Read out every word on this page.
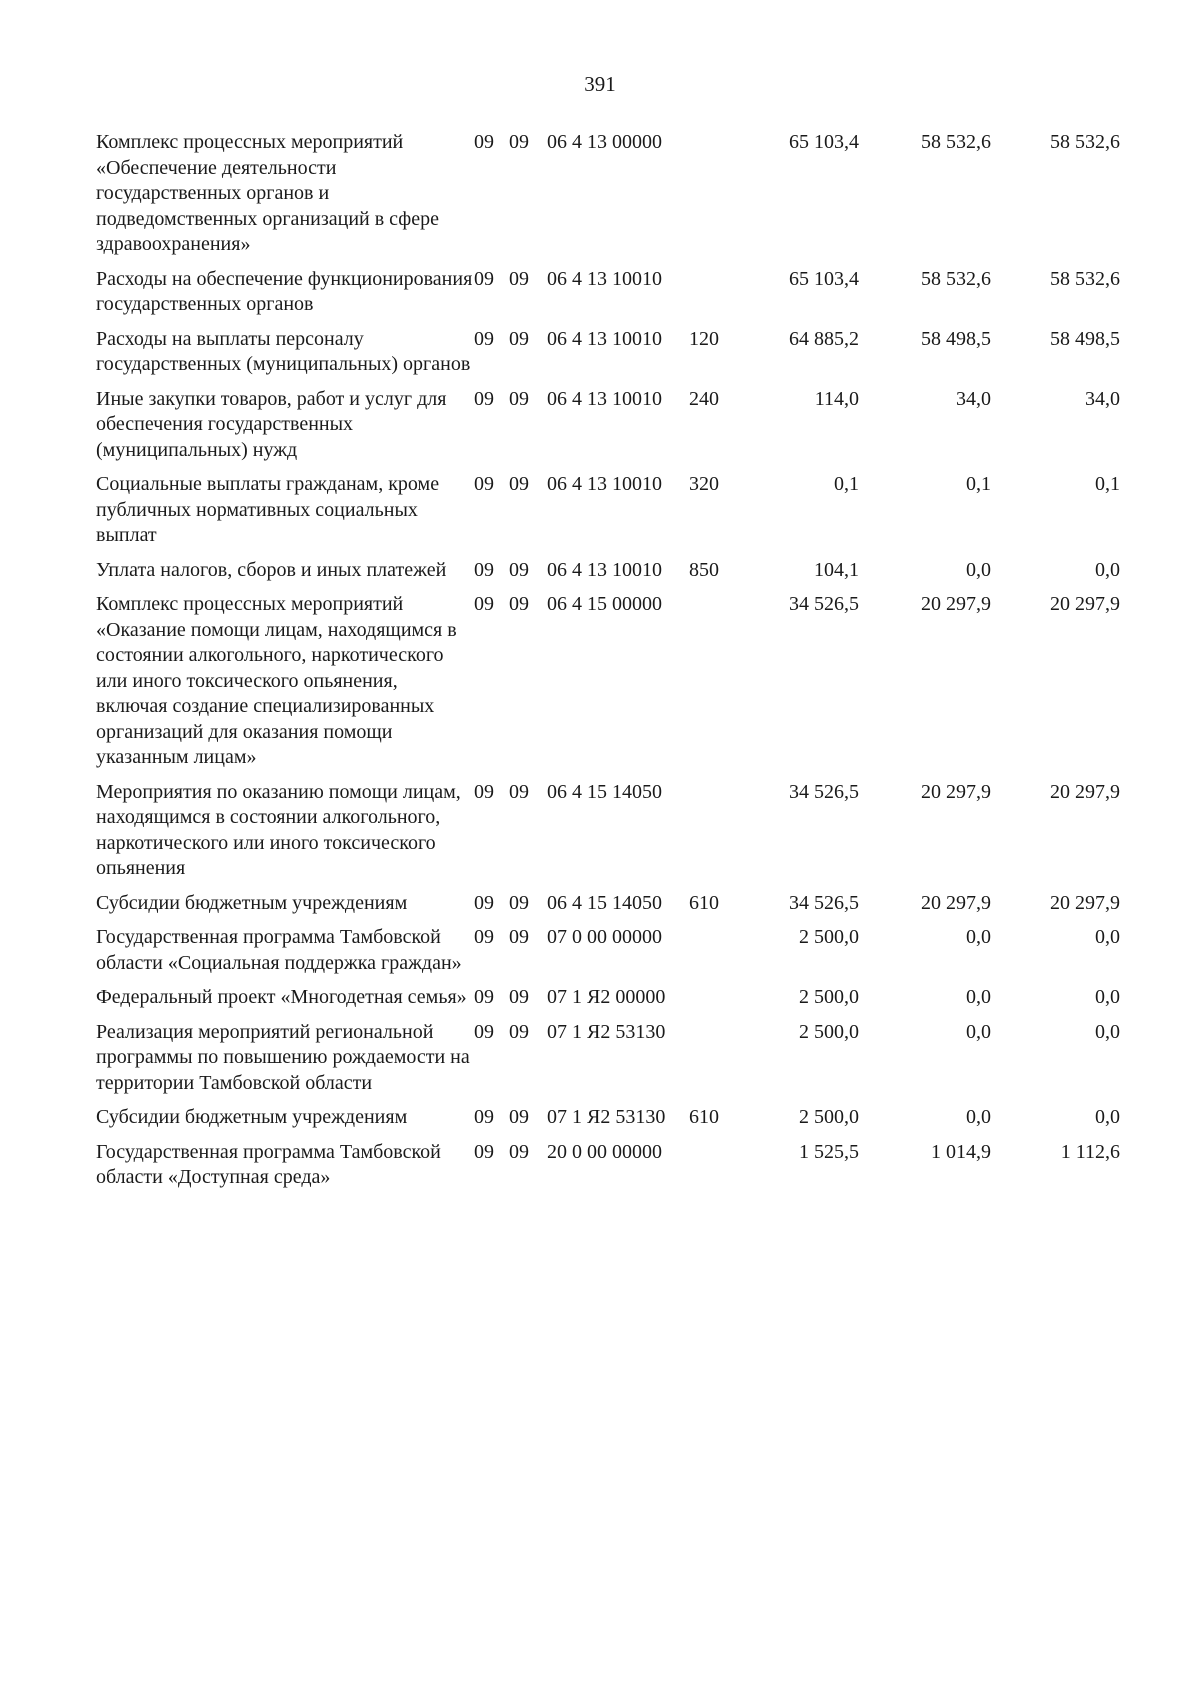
391
Комплекс процессных мероприятий «Обеспечение деятельности государственных органов и подведомственных организаций в сфере здравоохранения»	09	09	06 4 13 00000		65 103,4	58 532,6	58 532,6
Расходы на обеспечение функционирования государственных органов	09	09	06 4 13 10010		65 103,4	58 532,6	58 532,6
Расходы на выплаты персоналу государственных (муниципальных) органов	09	09	06 4 13 10010	120	64 885,2	58 498,5	58 498,5
Иные закупки товаров, работ и услуг для обеспечения государственных (муниципальных) нужд	09	09	06 4 13 10010	240	114,0	34,0	34,0
Социальные выплаты гражданам, кроме публичных нормативных социальных выплат	09	09	06 4 13 10010	320	0,1	0,1	0,1
Уплата налогов, сборов и иных платежей	09	09	06 4 13 10010	850	104,1	0,0	0,0
Комплекс процессных мероприятий «Оказание помощи лицам, находящимся в состоянии алкогольного, наркотического или иного токсического опьянения, включая создание специализированных организаций для оказания помощи указанным лицам»	09	09	06 4 15 00000		34 526,5	20 297,9	20 297,9
Мероприятия по оказанию помощи лицам, находящимся в состоянии алкогольного, наркотического или иного токсического опьянения	09	09	06 4 15 14050		34 526,5	20 297,9	20 297,9
Субсидии бюджетным учреждениям	09	09	06 4 15 14050	610	34 526,5	20 297,9	20 297,9
Государственная программа Тамбовской области «Социальная поддержка граждан»	09	09	07 0 00 00000		2 500,0	0,0	0,0
Федеральный проект «Многодетная семья»	09	09	07 1 Я2 00000		2 500,0	0,0	0,0
Реализация мероприятий региональной программы по повышению рождаемости на территории Тамбовской области	09	09	07 1 Я2 53130		2 500,0	0,0	0,0
Субсидии бюджетным учреждениям	09	09	07 1 Я2 53130	610	2 500,0	0,0	0,0
Государственная программа Тамбовской области «Доступная среда»	09	09	20 0 00 00000		1 525,5	1 014,9	1 112,6
